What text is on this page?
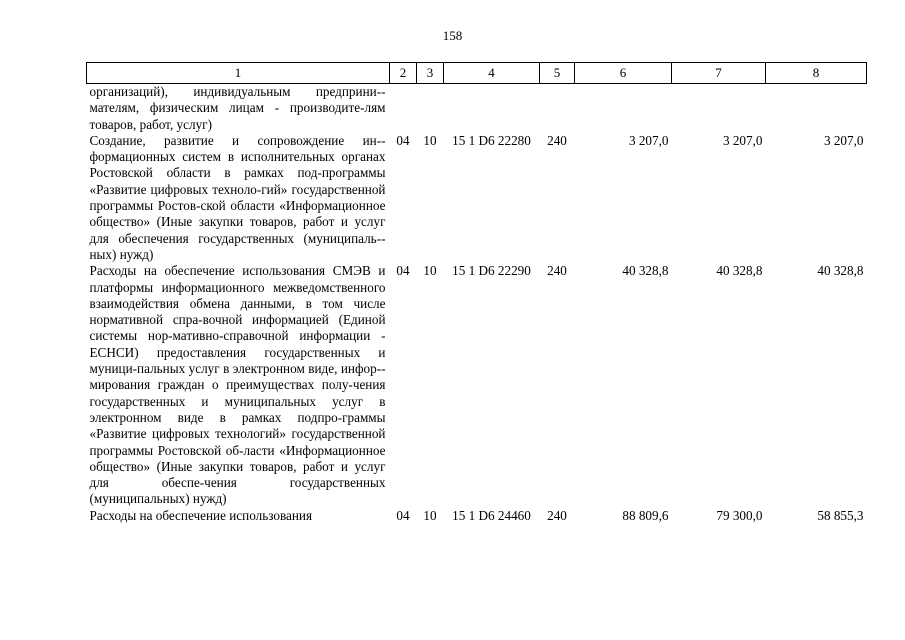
158
1	2	3	4	5	6	7	8
организаций), индивидуальным предприни-мателям, физическим лицам - производите-лям товаров, работ, услуг)							
Создание, развитие и сопровождение ин-формационных систем в исполнительных органах Ростовской области в рамках под-программы «Развитие цифровых техноло-гий» государственной программы Ростов-ской области «Информационное общество» (Иные закупки товаров, работ и услуг для обеспечения государственных (муниципаль-ных) нужд)	04	10	15 1 D6 22280	240	3 207,0	3 207,0	3 207,0
Расходы на обеспечение использования СМЭВ и платформы информационного межведомственного взаимодействия обмена данными, в том числе нормативной спра-вочной информацией (Единой системы нор-мативно-справочной информации - ЕСНСИ) предоставления государственных и муници-пальных услуг в электронном виде, инфор-мирования граждан о преимуществах полу-чения государственных и муниципальных услуг в электронном виде в рамках подпро-граммы «Развитие цифровых технологий» государственной программы Ростовской об-ласти «Информационное общество» (Иные закупки товаров, работ и услуг для обеспе-чения государственных (муниципальных) нужд)	04	10	15 1 D6 22290	240	40 328,8	40 328,8	40 328,8
Расходы на обеспечение использования	04	10	15 1 D6 24460	240	88 809,6	79 300,0	58 855,3
